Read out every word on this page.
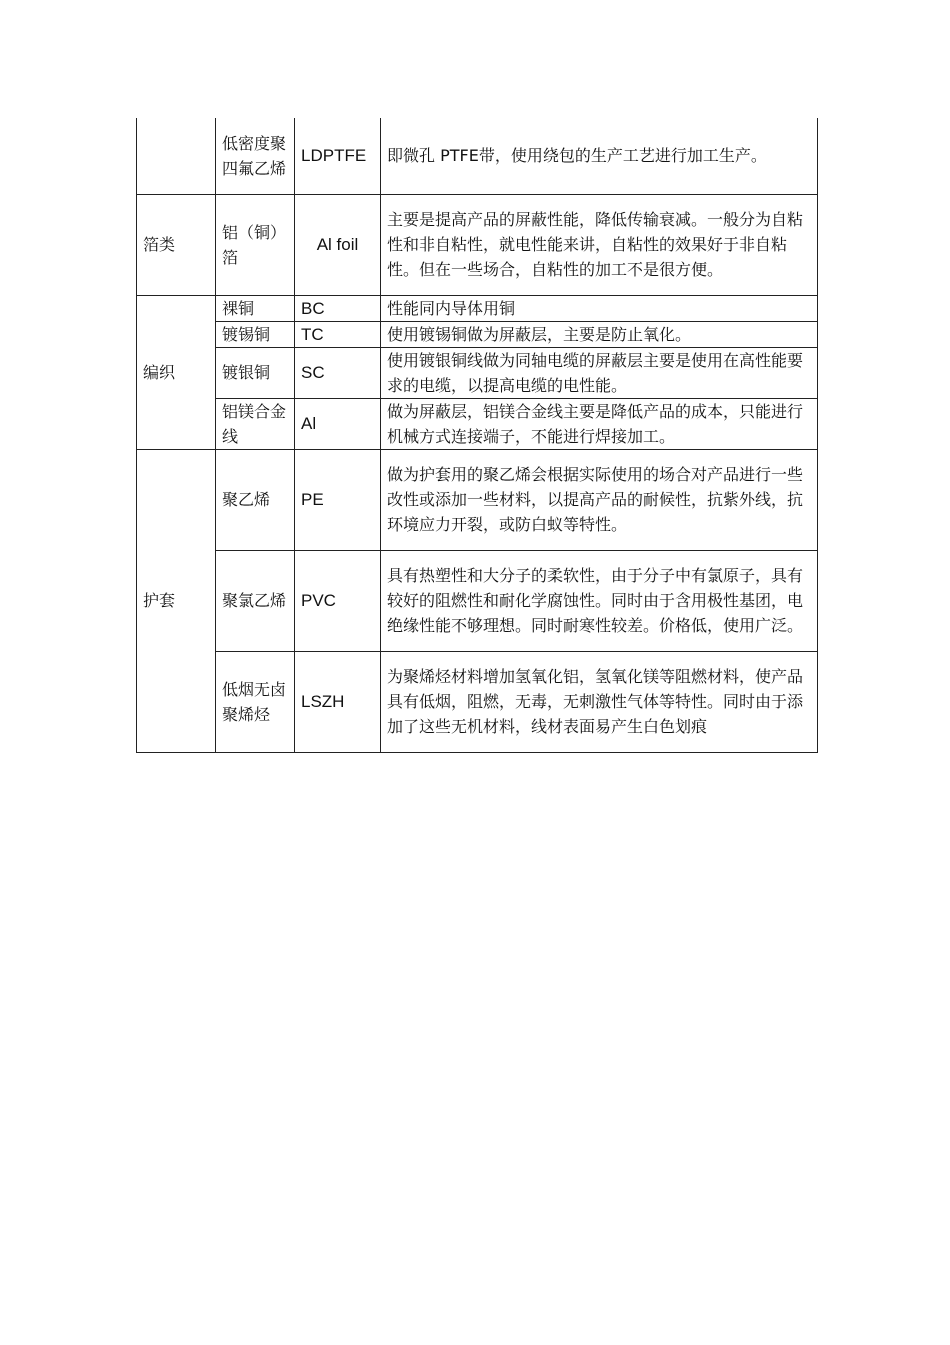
	低密度聚四氟乙烯	LDPTFE	即微孔 PTFE带，使用绕包的生产工艺进行加工生产。
箔类	铝（铜）箔	Al foil	主要是提高产品的屏蔽性能，降低传输衰减。一般分为自粘性和非自粘性，就电性能来讲，自粘性的效果好于非自粘性。但在一些场合，自粘性的加工不是很方便。
编织	裸铜	BC	性能同内导体用铜
	镀锡铜	TC	使用镀锡铜做为屏蔽层，主要是防止氧化。
	镀银铜	SC	使用镀银铜线做为同轴电缆的屏蔽层主要是使用在高性能要求的电缆，以提高电缆的电性能。
	铝镁合金线	Al	做为屏蔽层，铝镁合金线主要是降低产品的成本，只能进行机械方式连接端子，不能进行焊接加工。
护套	聚乙烯	PE	做为护套用的聚乙烯会根据实际使用的场合对产品进行一些改性或添加一些材料，以提高产品的耐候性，抗紫外线，抗环境应力开裂，或防白蚁等特性。
	聚氯乙烯	PVC	具有热塑性和大分子的柔软性，由于分子中有氯原子，具有较好的阻燃性和耐化学腐蚀性。同时由于含用极性基团，电绝缘性能不够理想。同时耐寒性较差。价格低，使用广泛。
	低烟无卤聚烯烃	LSZH	为聚烯烃材料增加氢氧化铝，氢氧化镁等阻燃材料，使产品具有低烟，阻燃，无毒，无刺激性气体等特性。同时由于添加了这些无机材料，线材表面易产生白色划痕
